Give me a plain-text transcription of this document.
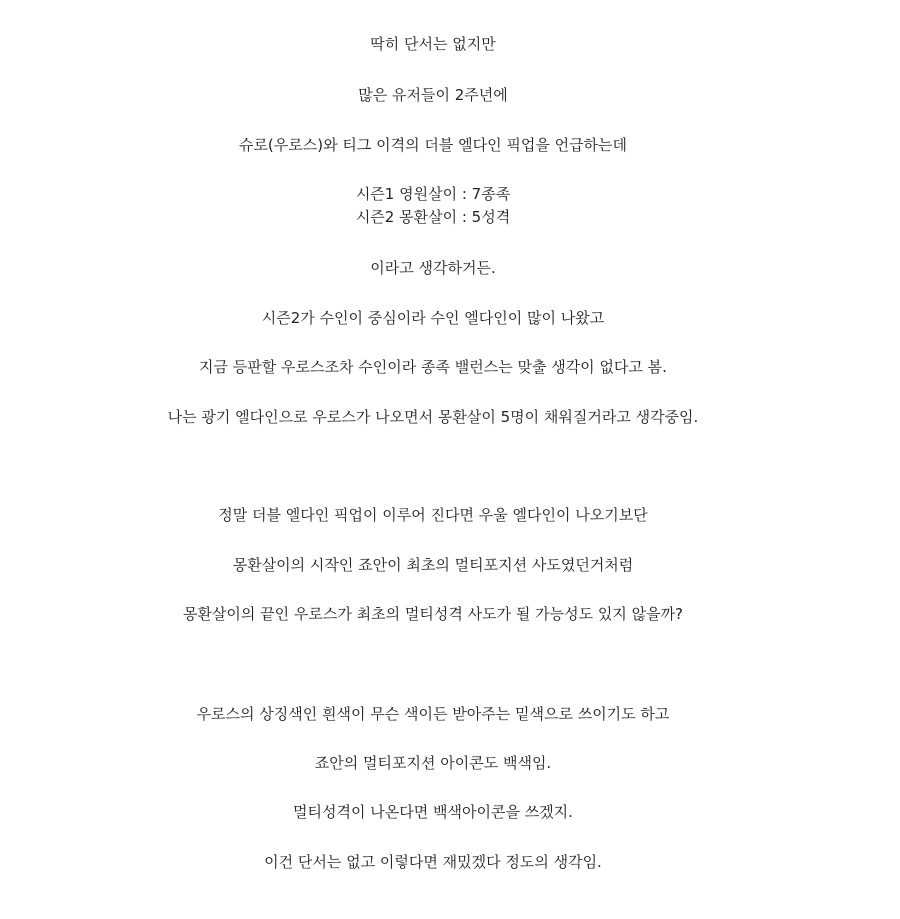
딱히 단서는 없지만
많은 유저들이 2주년에
슈로(우로스)와 티그 이격의 더블 엘다인 픽업을 언급하는데
시즌1 영원살이 : 7종족
시즌2 몽환살이 : 5성격
이라고 생각하거든.
시즌2가 수인이 중심이라 수인 엘다인이 많이 나왔고
지금 등판할 우로스조차 수인이라 종족 밸런스는 맞출 생각이 없다고 봄.
나는 광기 엘다인으로 우로스가 나오면서 몽환살이 5명이 채워질거라고 생각중임.
정말 더블 엘다인 픽업이 이루어 진다면 우울 엘다인이 나오기보단
몽환살이의 시작인 죠안이 최초의 멀티포지션 사도였던거처럼
몽환살이의 끝인 우로스가 최초의 멀티성격 사도가 될 가능성도 있지 않을까?
우로스의 상징색인 흰색이 무슨 색이든 받아주는 밑색으로 쓰이기도 하고
죠안의 멀티포지션 아이콘도 백색임.
멀티성격이 나온다면 백색아이콘을 쓰겠지.
이건 단서는 없고 이렇다면 재밌겠다 정도의 생각임.
